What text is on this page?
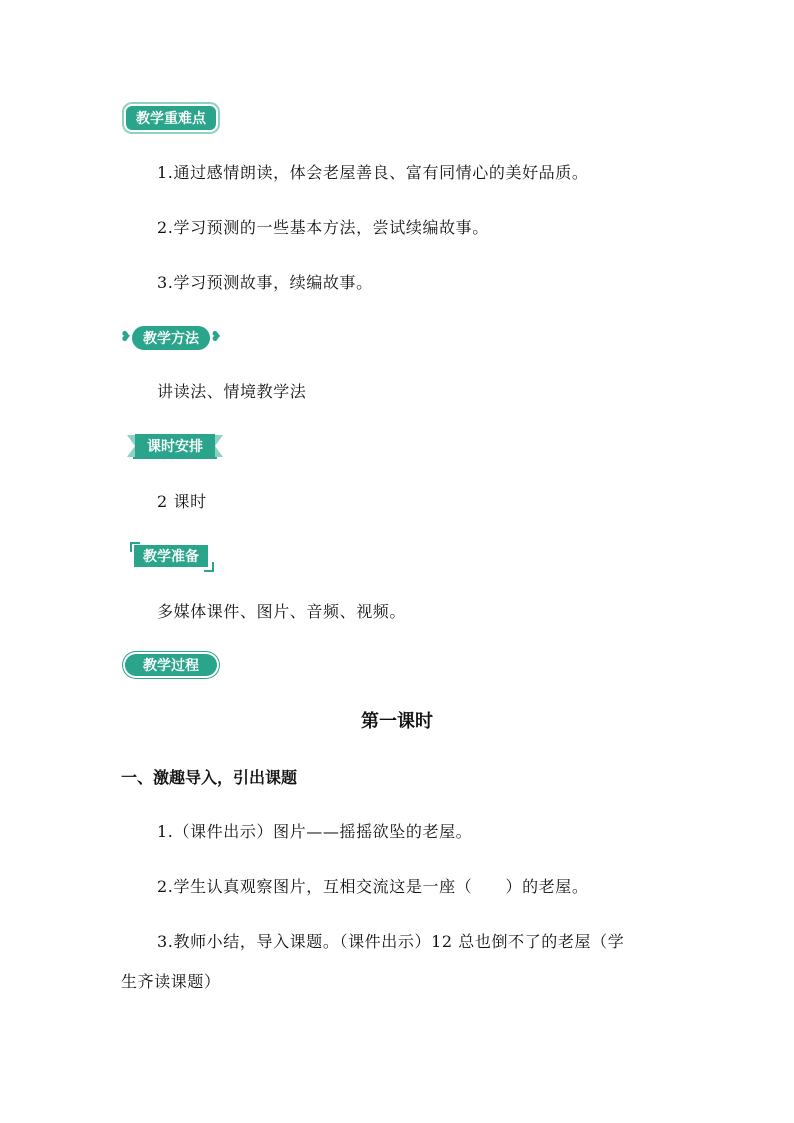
教学重难点
1.通过感情朗读，体会老屋善良、富有同情心的美好品质。
2.学习预测的一些基本方法，尝试续编故事。
3.学习预测故事，续编故事。
❥ 教学方法 ❥
讲读法、情境教学法
课时安排
2 课时
教学准备
多媒体课件、图片、音频、视频。
教学过程
第一课时
一、激趣导入，引出课题
1.（课件出示）图片——摇摇欲坠的老屋。
2.学生认真观察图片，互相交流这是一座（　　）的老屋。
3.教师小结，导入课题。（课件出示）12 总也倒不了的老屋（学
生齐读课题）
